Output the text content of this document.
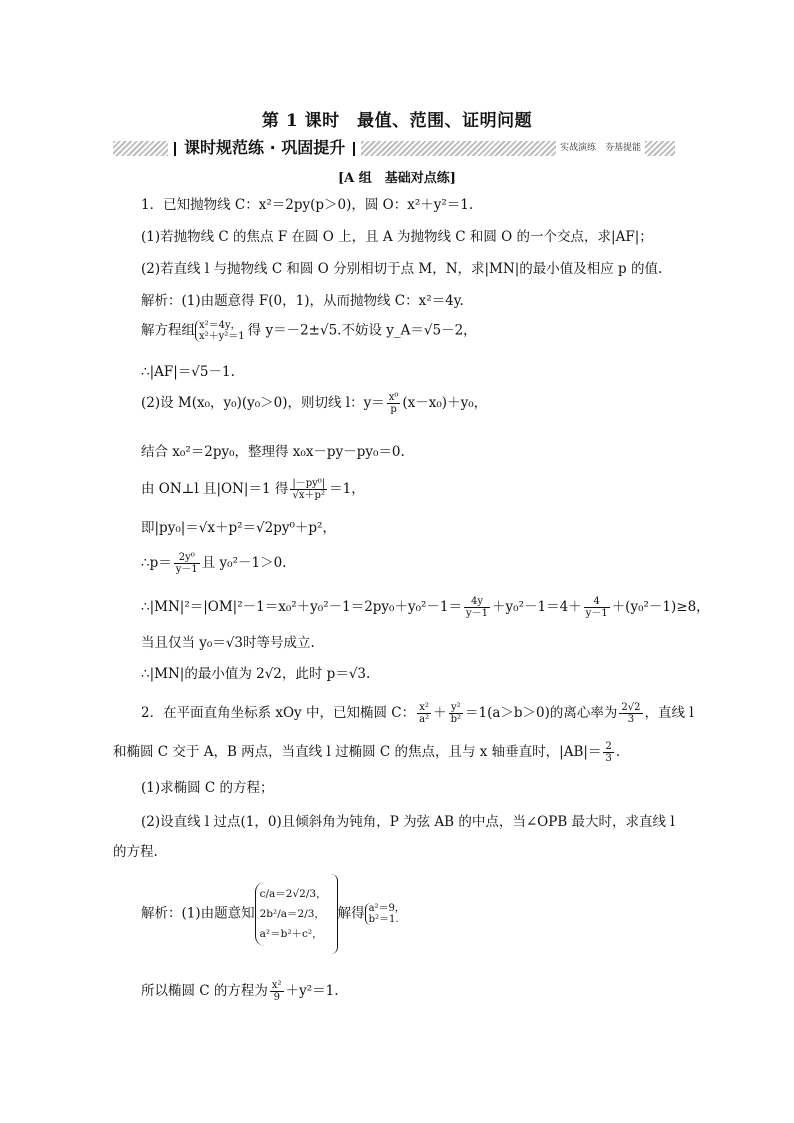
第 1 课时　最值、范围、证明问题
课时规范练 · 巩固提升	实战演练　夯基提能
[A 组　基础对点练]
1．已知抛物线 C：x²＝2py(p＞0)，圆 O：x²＋y²＝1.
(1)若抛物线 C 的焦点 F 在圆 O 上，且 A 为抛物线 C 和圆 O 的一个交点，求|AF|；
(2)若直线 l 与抛物线 C 和圆 O 分别相切于点 M，N，求|MN|的最小值及相应 p 的值.
解析：(1)由题意得 F(0，1)，从而抛物线 C：x²＝4y.
解方程组 x²＝4y，
x²＋y²＝1 得 y＝－2±√5.不妨设 y_A＝√5－2，
∴|AF|＝√5－1.
(2)设 M(x₀，y₀)(y₀＞0)，则切线 l：$y= \frac{\text{x⁰}}{p} (x-x_0)+y_0$，
结合 x₀²＝2py₀，整理得 x₀x－py－py₀＝0.
由 ON⊥l 且|ON|＝1 得 $\frac{\text{|－py⁰|}}{\text{√x＋p²}} =1$，
即|py₀|＝√x＋p²＝√2py⁰＋p²，
∴p＝ $\frac{\text{2y⁰}}{y-1}$ 且 y₀²－1＞0.
∴|MN|²＝|OM|²－1＝x₀²＋y₀²－1＝2py₀＋y₀²－1＝ $\frac{4y}{y-1} +y_0^2-1=4+ \frac{4}{y-1} +(y_0^2-1)\ge 8$，
当且仅当 y₀＝√3时等号成立.
∴|MN|的最小值为 2√2，此时 p＝√3.
2．在平面直角坐标系 xOy 中，已知椭圆 C： $\frac{\text{x²}}{\text{a²}} + \frac{\text{y²}}{\text{b²}} =1(a>b>0)$的离心率为 $\frac{2√2}{3}$ ，直线 l
和椭圆 C 交于 A，B 两点，当直线 l 过椭圆 C 的焦点，且与 x 轴垂直时，$|AB|= \frac{2}{3}$ .
(1)求椭圆 C 的方程；
(2)设直线 l 过点(1，0)且倾斜角为钝角，P 为弦 AB 的中点，当∠OPB 最大时，求直线 l
的方程.
解析：(1)由题意知
c/a＝2√2/3，
2b²/a＝2/3，
a²＝b²＋c²，
解得 a²＝9，
b²＝1.
所以椭圆 C 的方程为 $\frac{\text{x²}}{9} +y^2=1$.
